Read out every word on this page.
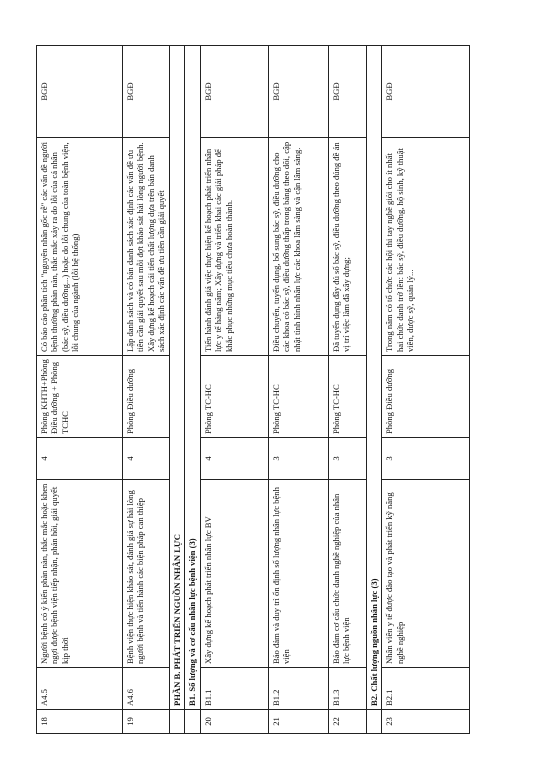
18	A4.5	Người bệnh có ý kiến phàn nàn, thắc mắc hoặc khen ngợi được bệnh viện tiếp nhận, phản hồi, giải quyết kịp thời	4	Phòng KHTH+Phòng Điều dưỡng + Phòng TCHC	Có báo cáo phân tích "nguyên nhân gốc rễ" các vấn đề người bệnh thường phàn nàn, thắc mắc xảy ra do lỗi của cá nhân (bác sỹ, điều dưỡng...) hoặc do lỗi chung của toàn bệnh viện, lỗi chung của ngành (lỗi hệ thống)	BGĐ
19	A4.6	Bệnh viện thực hiện khảo sát, đánh giá sự hài lòng người bệnh và tiến hành các biện pháp can thiệp	4	Phòng Điều dưỡng	Lập danh sách và có bản danh sách xác định các vấn đề ưu tiên cần giải quyết sau mỗi đợt khảo sát hài lòng người bệnh. Xây dựng kế hoạch cải tiến chất lượng dựa trên bản danh sách xác định các vấn đề ưu tiên cần giải quyết	BGĐ
	PHẦN B. PHÁT TRIỂN NGUỒN NHÂN LỰC					
	B1. Số lượng và cơ cấu nhân lực bệnh viện (3)					
20	B1.1	Xây dựng kế hoạch phát triển nhân lực BV	4	Phòng TC-HC	Tiến hành đánh giá việc thực hiện kế hoạch phát triển nhân lực y tế hàng năm; Xây dựng và triển khai các giải pháp để khắc phục những mục tiêu chưa hoàn thành.	BGĐ
21	B1.2	Bảo đảm và duy trì ổn định số lượng nhân lực bệnh viện	3	Phòng TC-HC	Điều chuyển, tuyển dụng, bổ sung bác sỹ, điều dưỡng cho các khoa có bác sỹ, điều dưỡng thấp trong bảng theo dõi, cập nhật tình hình nhân lực các khoa lâm sàng và cận lâm sàng.	BGĐ
22	B1.3	Bảo đảm cơ cấu chức danh nghề nghiệp của nhân lực bệnh viện	3	Phòng TC-HC	Đã tuyển dụng đầy đủ số bác sỹ, điều dưỡng theo đúng đề án vị trí việc làm đã xây dựng;	BGĐ
	B2. Chất lượng nguồn nhân lực (3)					
23	B2.1	Nhân viên y tế được đào tạo và phát triển kỹ năng nghề nghiệp	3	Phòng Điều dưỡng	Trong năm có tổ chức các hội thi tay nghề giỏi cho ít nhất hai chức danh trở lên: bác sỹ, điều dưỡng, hộ sinh, kỹ thuật viên, dược sỹ, quản lý...	BGĐ
